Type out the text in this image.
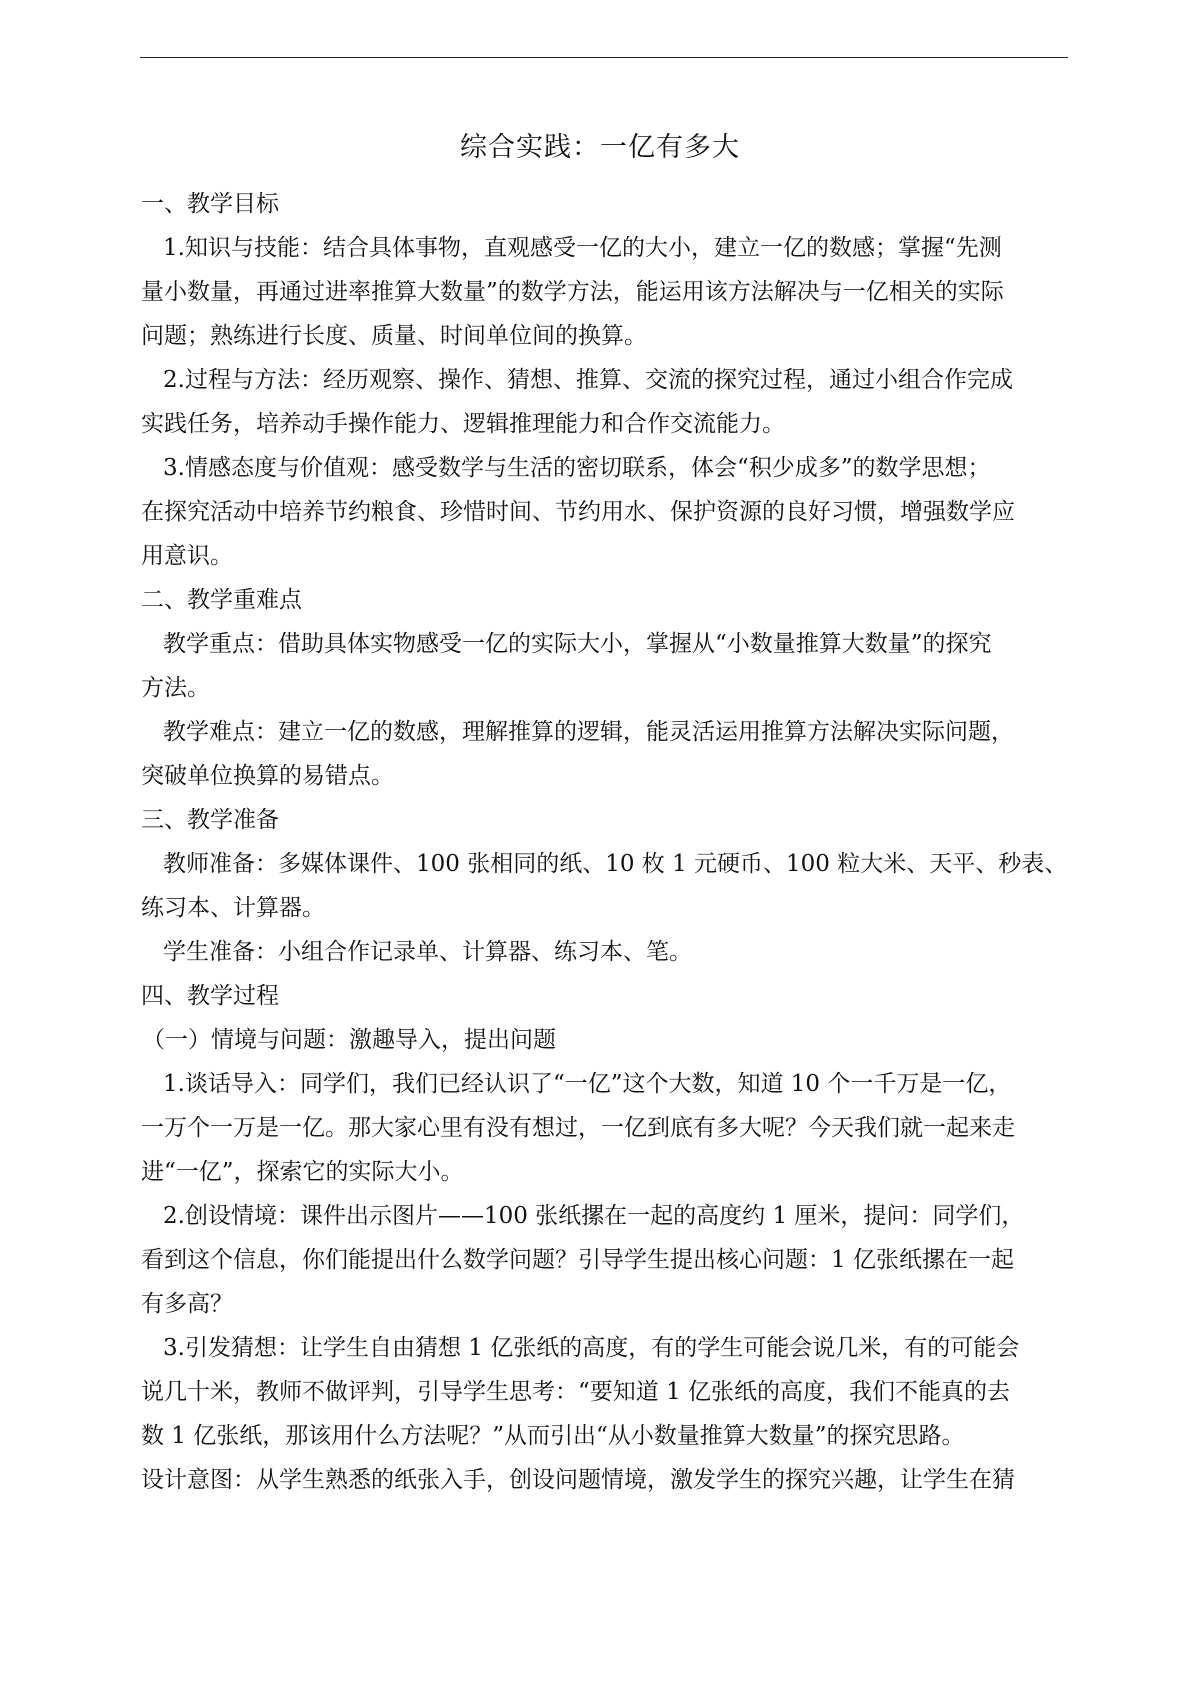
综合实践：一亿有多大
一、教学目标
1.知识与技能：结合具体事物，直观感受一亿的大小，建立一亿的数感；掌握“先测
量小数量，再通过进率推算大数量”的数学方法，能运用该方法解决与一亿相关的实际
问题；熟练进行长度、质量、时间单位间的换算。
2.过程与方法：经历观察、操作、猜想、推算、交流的探究过程，通过小组合作完成
实践任务，培养动手操作能力、逻辑推理能力和合作交流能力。
3.情感态度与价值观：感受数学与生活的密切联系，体会“积少成多”的数学思想；
在探究活动中培养节约粮食、珍惜时间、节约用水、保护资源的良好习惯，增强数学应
用意识。
二、教学重难点
教学重点：借助具体实物感受一亿的实际大小，掌握从“小数量推算大数量”的探究
方法。
教学难点：建立一亿的数感，理解推算的逻辑，能灵活运用推算方法解决实际问题，
突破单位换算的易错点。
三、教学准备
教师准备：多媒体课件、100 张相同的纸、10 枚 1 元硬币、100 粒大米、天平、秒表、
练习本、计算器。
学生准备：小组合作记录单、计算器、练习本、笔。
四、教学过程
（一）情境与问题：激趣导入，提出问题
1.谈话导入：同学们，我们已经认识了“一亿”这个大数，知道 10 个一千万是一亿，
一万个一万是一亿。那大家心里有没有想过，一亿到底有多大呢？今天我们就一起来走
进“一亿”，探索它的实际大小。
2.创设情境：课件出示图片——100 张纸摞在一起的高度约 1 厘米，提问：同学们，
看到这个信息，你们能提出什么数学问题？引导学生提出核心问题：1 亿张纸摞在一起
有多高？
3.引发猜想：让学生自由猜想 1 亿张纸的高度，有的学生可能会说几米，有的可能会
说几十米，教师不做评判，引导学生思考：“要知道 1 亿张纸的高度，我们不能真的去
数 1 亿张纸，那该用什么方法呢？”从而引出“从小数量推算大数量”的探究思路。
设计意图：从学生熟悉的纸张入手，创设问题情境，激发学生的探究兴趣，让学生在猜
